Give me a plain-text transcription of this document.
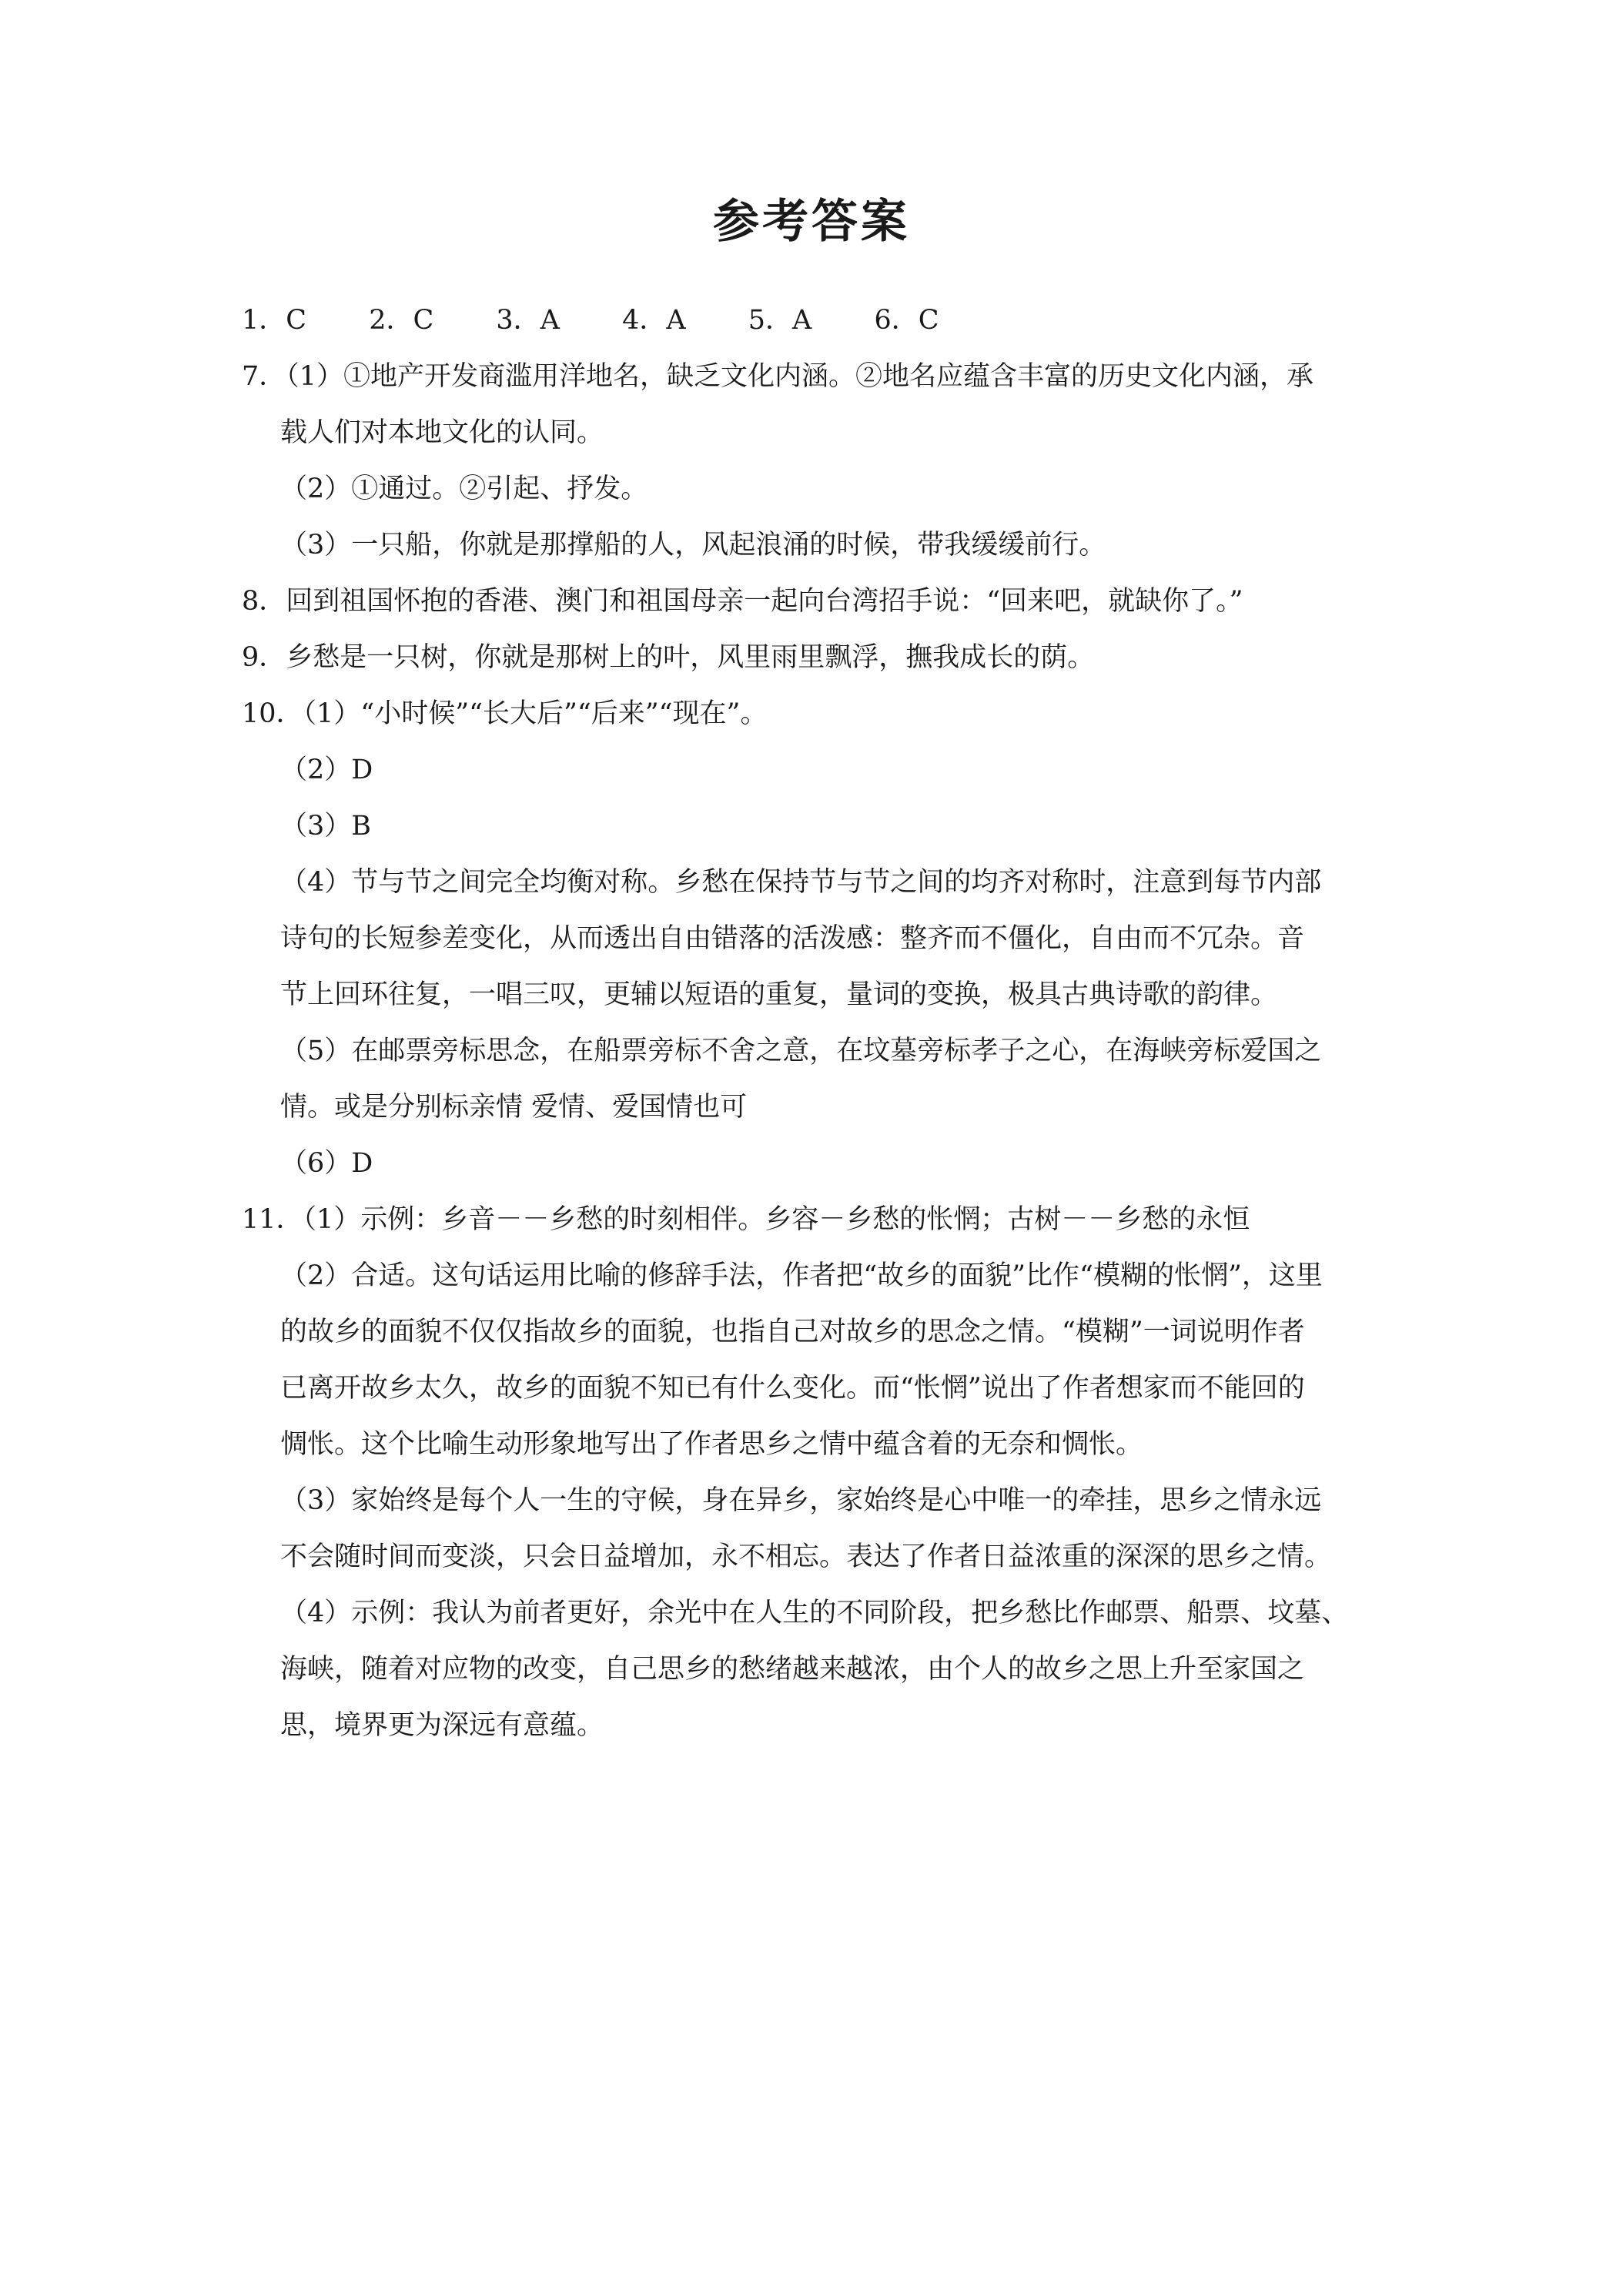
参考答案
1．C 2．C 3．A 4．A 5．A 6．C
7．（1）①地产开发商滥用洋地名，缺乏文化内涵。②地名应蕴含丰富的历史文化内涵，承
载人们对本地文化的认同。
（2）①通过。②引起、抒发。
（3）一只船，你就是那撑船的人，风起浪涌的时候，带我缓缓前行。
8．回到祖国怀抱的香港、澳门和祖国母亲一起向台湾招手说：“回来吧，就缺你了。”
9．乡愁是一只树，你就是那树上的叶，风里雨里飘浮，撫我成长的荫。
10．（1）“小时候”“长大后”“后来”“现在”。
（2）D
（3）B
（4）节与节之间完全均衡对称。乡愁在保持节与节之间的均齐对称时，注意到每节内部
诗句的长短参差变化，从而透出自由错落的活泼感：整齐而不僵化，自由而不冗杂。音
节上回环往复，一唱三叹，更辅以短语的重复，量词的变换，极具古典诗歌的韵律。
（5）在邮票旁标思念，在船票旁标不舍之意，在坟墓旁标孝子之心，在海峡旁标爱国之
情。或是分别标亲情 爱情、爱国情也可
（6）D
11．（1）示例：乡音－－乡愁的时刻相伴。乡容－乡愁的怅惘；古树－－乡愁的永恒
（2）合适。这句话运用比喻的修辞手法，作者把“故乡的面貌”比作“模糊的怅惘”，这里
的故乡的面貌不仅仅指故乡的面貌，也指自己对故乡的思念之情。“模糊”一词说明作者
已离开故乡太久，故乡的面貌不知已有什么变化。而“怅惘”说出了作者想家而不能回的
惆怅。这个比喻生动形象地写出了作者思乡之情中蕴含着的无奈和惆怅。
（3）家始终是每个人一生的守候，身在异乡，家始终是心中唯一的牵挂，思乡之情永远
不会随时间而变淡，只会日益增加，永不相忘。表达了作者日益浓重的深深的思乡之情。
（4）示例：我认为前者更好，余光中在人生的不同阶段，把乡愁比作邮票、船票、坟墓、
海峡，随着对应物的改变，自己思乡的愁绪越来越浓，由个人的故乡之思上升至家国之
思，境界更为深远有意蕴。
